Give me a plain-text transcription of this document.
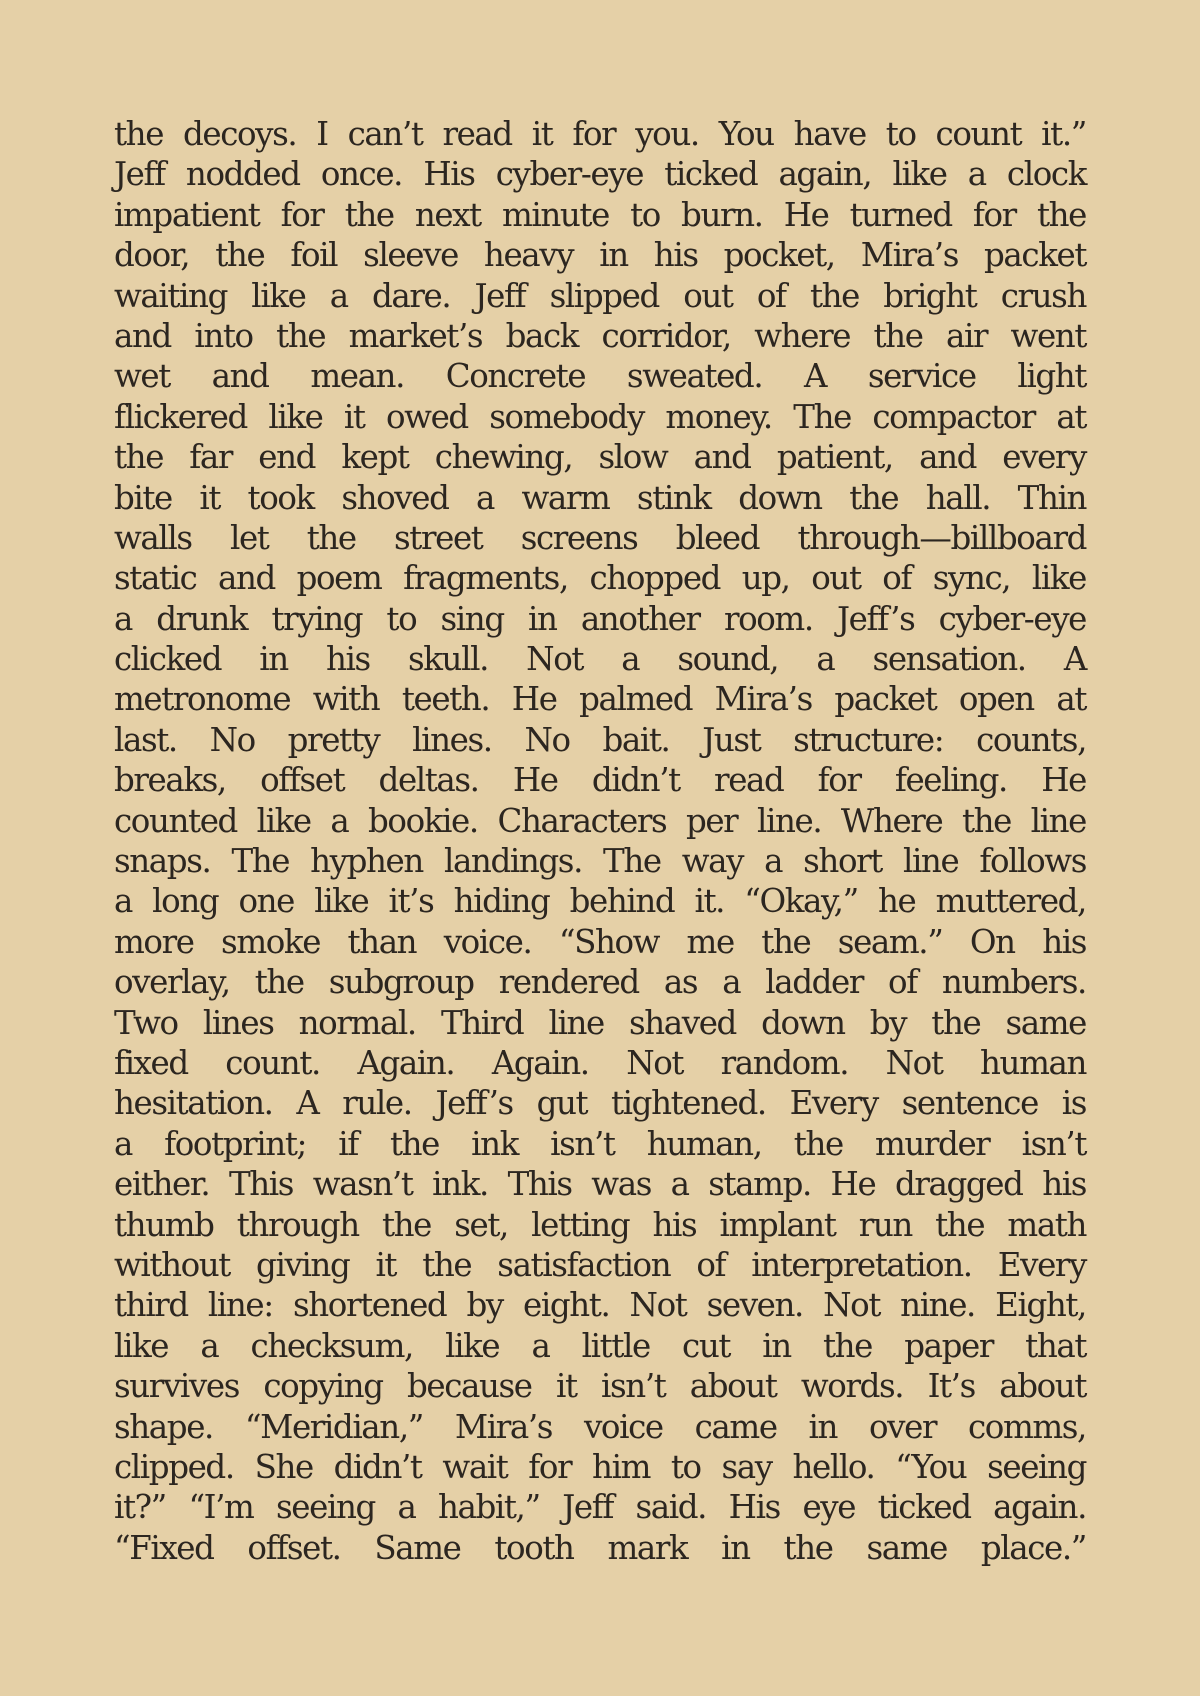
the decoys. I can’t read it for you. You have to count it.”
Jeff nodded once. His cyber-eye ticked again, like a clock
impatient for the next minute to burn. He turned for the
door, the foil sleeve heavy in his pocket, Mira’s packet
waiting like a dare. Jeff slipped out of the bright crush
and into the market’s back corridor, where the air went
wet and mean. Concrete sweated. A service light
flickered like it owed somebody money. The compactor at
the far end kept chewing, slow and patient, and every
bite it took shoved a warm stink down the hall. Thin
walls let the street screens bleed through—billboard
static and poem fragments, chopped up, out of sync, like
a drunk trying to sing in another room. Jeff’s cyber-eye
clicked in his skull. Not a sound, a sensation. A
metronome with teeth. He palmed Mira’s packet open at
last. No pretty lines. No bait. Just structure: counts,
breaks, offset deltas. He didn’t read for feeling. He
counted like a bookie. Characters per line. Where the line
snaps. The hyphen landings. The way a short line follows
a long one like it’s hiding behind it. “Okay,” he muttered,
more smoke than voice. “Show me the seam.” On his
overlay, the subgroup rendered as a ladder of numbers.
Two lines normal. Third line shaved down by the same
fixed count. Again. Again. Not random. Not human
hesitation. A rule. Jeff’s gut tightened. Every sentence is
a footprint; if the ink isn’t human, the murder isn’t
either. This wasn’t ink. This was a stamp. He dragged his
thumb through the set, letting his implant run the math
without giving it the satisfaction of interpretation. Every
third line: shortened by eight. Not seven. Not nine. Eight,
like a checksum, like a little cut in the paper that
survives copying because it isn’t about words. It’s about
shape. “Meridian,” Mira’s voice came in over comms,
clipped. She didn’t wait for him to say hello. “You seeing
it?” “I’m seeing a habit,” Jeff said. His eye ticked again.
“Fixed offset. Same tooth mark in the same place.”
